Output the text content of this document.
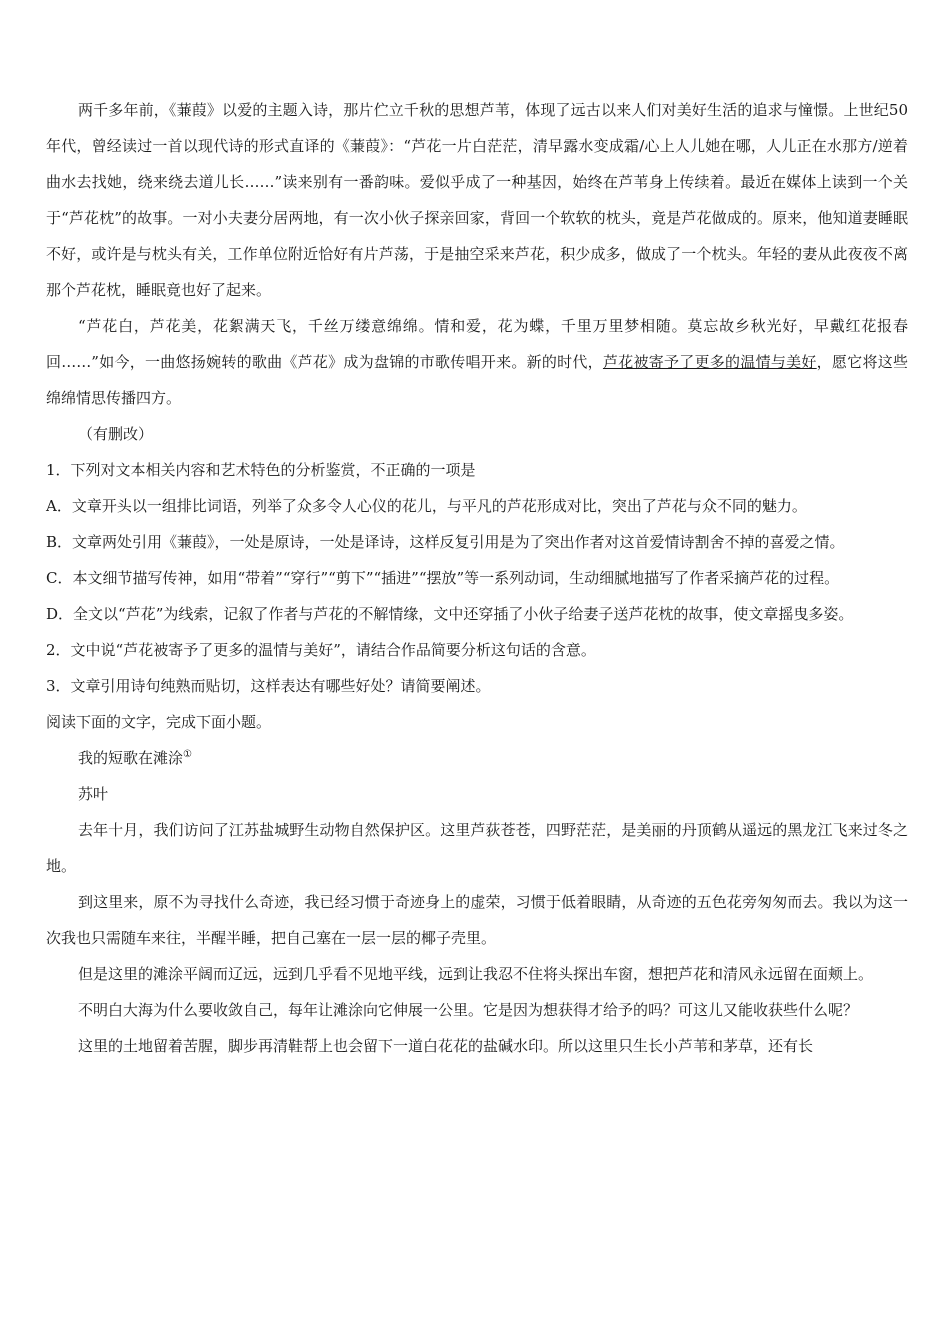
两千多年前，《蒹葭》以爱的主题入诗，那片伫立千秋的思想芦苇，体现了远古以来人们对美好生活的追求与憧憬。上世纪50年代，曾经读过一首以现代诗的形式直译的《蒹葭》：“芦花一片白茫茫，清早露水变成霜/心上人儿她在哪，人儿正在水那方/逆着曲水去找她，绕来绕去道儿长……”读来别有一番韵味。爱似乎成了一种基因，始终在芦苇身上传续着。最近在媒体上读到一个关于“芦花枕”的故事。一对小夫妻分居两地，有一次小伙子探亲回家，背回一个软软的枕头，竟是芦花做成的。原来，他知道妻睡眠不好，或许是与枕头有关，工作单位附近恰好有片芦荡，于是抽空采来芦花，积少成多，做成了一个枕头。年轻的妻从此夜夜不离那个芦花枕，睡眠竟也好了起来。

“芦花白，芦花美，花絮满天飞，千丝万缕意绵绵。情和爱，花为蝶，千里万里梦相随。莫忘故乡秋光好，早戴红花报春回……”如今，一曲悠扬婉转的歌曲《芦花》成为盘锦的市歌传唱开来。新的时代，芦花被寄予了更多的温情与美好，愿它将这些绵绵情思传播四方。

（有删改）

1．下列对文本相关内容和艺术特色的分析鉴赏，不正确的一项是

A．文章开头以一组排比词语，列举了众多令人心仪的花儿，与平凡的芦花形成对比，突出了芦花与众不同的魅力。

B．文章两处引用《蒹葭》，一处是原诗，一处是译诗，这样反复引用是为了突出作者对这首爱情诗割舍不掉的喜爱之情。

C．本文细节描写传神，如用“带着”“穿行”“剪下”“插进”“摆放”等一系列动词，生动细腻地描写了作者采摘芦花的过程。

D．全文以“芦花”为线索，记叙了作者与芦花的不解情缘，文中还穿插了小伙子给妻子送芦花枕的故事，使文章摇曳多姿。

2．文中说“芦花被寄予了更多的温情与美好”，请结合作品简要分析这句话的含意。

3．文章引用诗句纯熟而贴切，这样表达有哪些好处？请简要阐述。

阅读下面的文字，完成下面小题。

我的短歌在滩涂①

苏叶

去年十月，我们访问了江苏盐城野生动物自然保护区。这里芦荻苍苍，四野茫茫，是美丽的丹顶鹤从遥远的黑龙江飞来过冬之地。

到这里来，原不为寻找什么奇迹，我已经习惯于奇迹身上的虚荣，习惯于低着眼睛，从奇迹的五色花旁匆匆而去。我以为这一次我也只需随车来往，半醒半睡，把自己塞在一层一层的椰子壳里。

但是这里的滩涂平阔而辽远，远到几乎看不见地平线，远到让我忍不住将头探出车窗，想把芦花和清风永远留在面颊上。

不明白大海为什么要收敛自己，每年让滩涂向它伸展一公里。它是因为想获得才给予的吗？可这儿又能收获些什么呢？

这里的土地留着苦腥，脚步再清鞋帮上也会留下一道白花花的盐碱水印。所以这里只生长小芦苇和茅草，还有长
